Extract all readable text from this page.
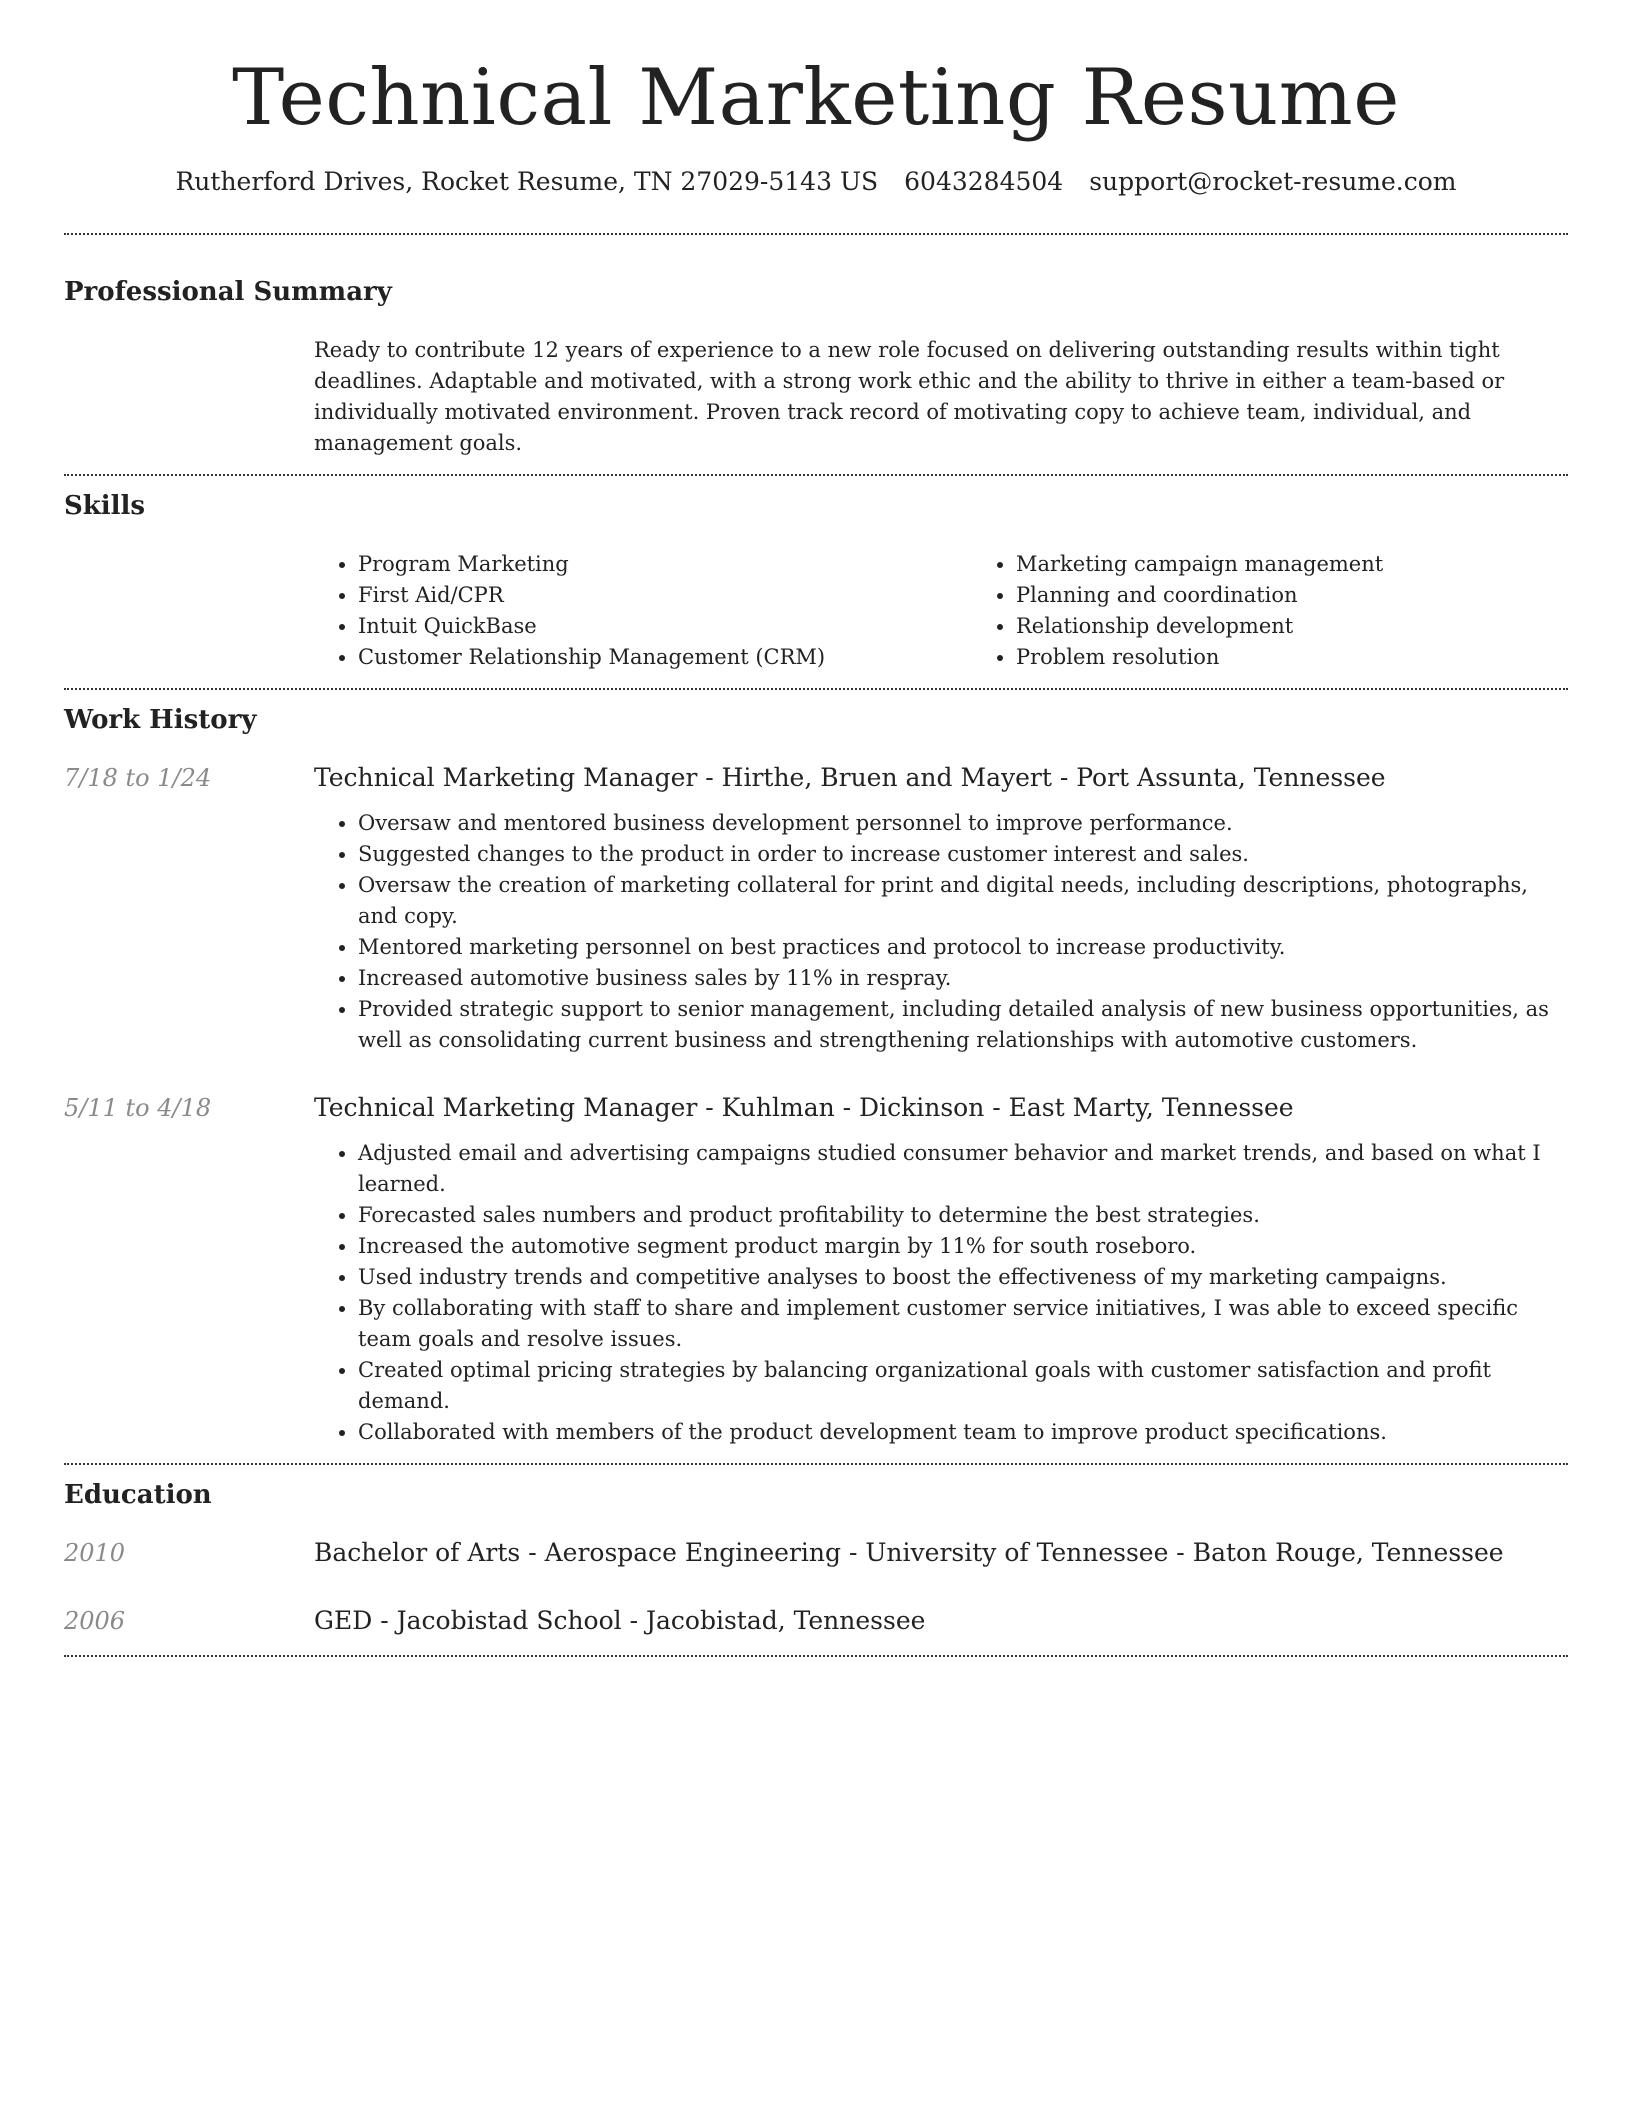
Technical Marketing Resume
Rutherford Drives, Rocket Resume, TN 27029-5143 US 6043284504 support@rocket-resume.com
Professional Summary

Ready to contribute 12 years of experience to a new role focused on delivering outstanding results within tight deadlines. Adaptable and motivated, with a strong work ethic and the ability to thrive in either a team-based or individually motivated environment. Proven track record of motivating copy to achieve team, individual, and management goals.

Skills
• Program Marketing
• First Aid/CPR
• Intuit QuickBase
• Customer Relationship Management (CRM)
• Marketing campaign management
• Planning and coordination
• Relationship development
• Problem resolution
Work History
7/18 to 1/24	Technical Marketing Manager - Hirthe, Bruen and Mayert - Port Assunta, Tennessee
• Oversaw and mentored business development personnel to improve performance.
• Suggested changes to the product in order to increase customer interest and sales.
• Oversaw the creation of marketing collateral for print and digital needs, including descriptions, photographs, and copy.
• Mentored marketing personnel on best practices and protocol to increase productivity.
• Increased automotive business sales by 11% in respray.
• Provided strategic support to senior management, including detailed analysis of new business opportunities, as well as consolidating current business and strengthening relationships with automotive customers.
5/11 to 4/18	Technical Marketing Manager - Kuhlman - Dickinson - East Marty, Tennessee
• Adjusted email and advertising campaigns studied consumer behavior and market trends, and based on what I learned.
• Forecasted sales numbers and product profitability to determine the best strategies.
• Increased the automotive segment product margin by 11% for south roseboro.
• Used industry trends and competitive analyses to boost the effectiveness of my marketing campaigns.
• By collaborating with staff to share and implement customer service initiatives, I was able to exceed specific team goals and resolve issues.
• Created optimal pricing strategies by balancing organizational goals with customer satisfaction and profit demand.
• Collaborated with members of the product development team to improve product specifications.
Education
2010	Bachelor of Arts - Aerospace Engineering - University of Tennessee - Baton Rouge, Tennessee
2006	GED - Jacobistad School - Jacobistad, Tennessee
